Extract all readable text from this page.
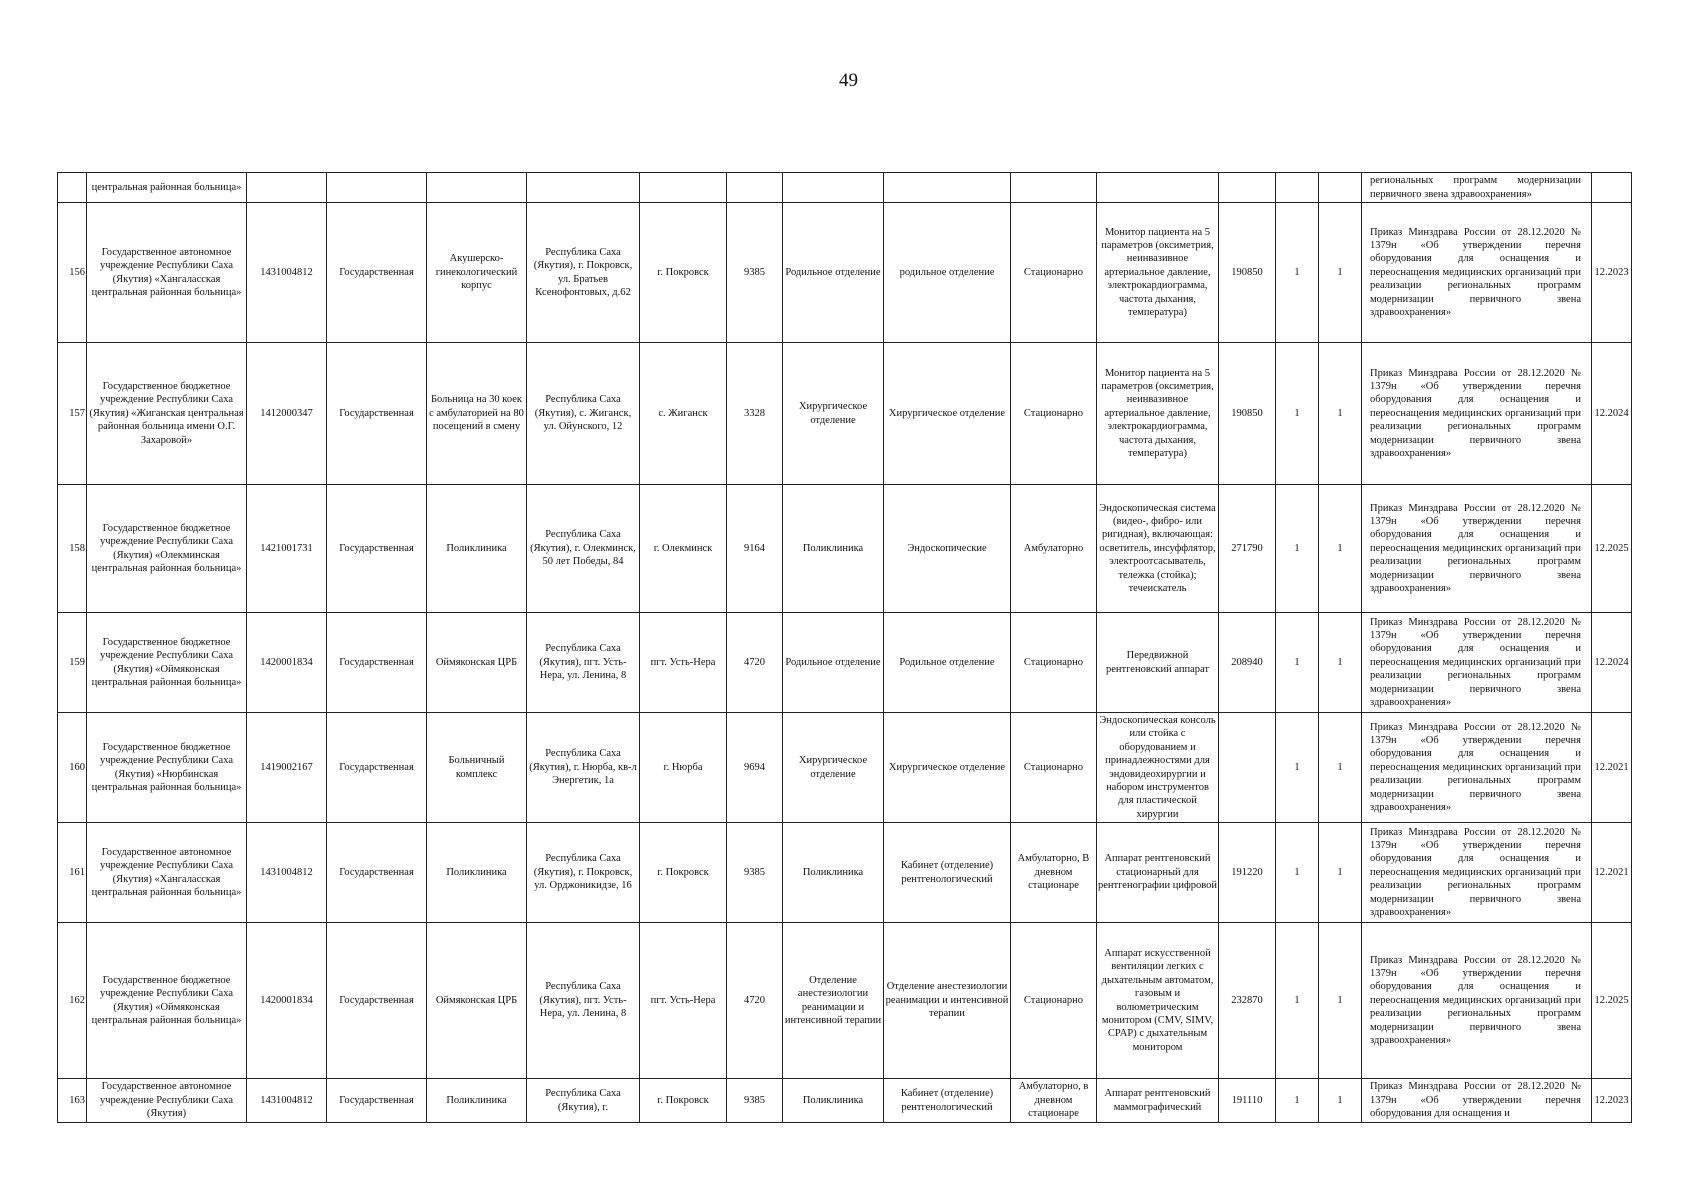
49
	центральная районная больница»														региональных программ модернизации первичного звена здравоохранения»	
156	Государственное автономное учреждение Республики Саха (Якутия) «Хангаласская центральная районная больница»	1431004812	Государственная	Акушерско-гинекологический корпус	Республика Саха (Якутия), г. Покровск, ул. Братьев Ксенофонтовых, д.62	г. Покровск	9385	Родильное отделение	родильное отделение	Стационарно	Монитор пациента на 5 параметров (оксиметрия, неинвазивное артериальное давление, электрокардиограмма, частота дыхания, температура)	190850	1	1	Приказ Минздрава России от 28.12.2020 № 1379н «Об утверждении перечня оборудования для оснащения и переоснащения медицинских организаций при реализации региональных программ модернизации первичного звена здравоохранения»	12.2023
157	Государственное бюджетное учреждение Республики Саха (Якутия) «Жиганская центральная районная больница имени О.Г. Захаровой»	1412000347	Государственная	Больница на 30 коек с амбулаторией на 80 посещений в смену	Республика Саха (Якутия), с. Жиганск, ул. Ойунского, 12	с. Жиганск	3328	Хирургическое отделение	Хирургическое отделение	Стационарно	Монитор пациента на 5 параметров (оксиметрия, неинвазивное артериальное давление, электрокардиограмма, частота дыхания, температура)	190850	1	1	Приказ Минздрава России от 28.12.2020 № 1379н «Об утверждении перечня оборудования для оснащения и переоснащения медицинских организаций при реализации региональных программ модернизации первичного звена здравоохранения»	12.2024
158	Государственное бюджетное учреждение Республики Саха (Якутия) «Олекминская центральная районная больница»	1421001731	Государственная	Поликлиника	Республика Саха (Якутия), г. Олекминск, 50 лет Победы, 84	г. Олекминск	9164	Поликлиника	Эндоскопические	Амбулаторно	Эндоскопическая система (видео-, фибро- или ригидная), включающая: осветитель, инсуффлятор, электроотсасыватель, тележка (стойка); течеискатель	271790	1	1	Приказ Минздрава России от 28.12.2020 № 1379н «Об утверждении перечня оборудования для оснащения и переоснащения медицинских организаций при реализации региональных программ модернизации первичного звена здравоохранения»	12.2025
159	Государственное бюджетное учреждение Республики Саха (Якутия) «Оймяконская центральная районная больница»	1420001834	Государственная	Оймяконская ЦРБ	Республика Саха (Якутия), пгт. Усть-Нера, ул. Ленина, 8	пгт. Усть-Нера	4720	Родильное отделение	Родильное отделение	Стационарно	Передвижной рентгеновский аппарат	208940	1	1	Приказ Минздрава России от 28.12.2020 № 1379н «Об утверждении перечня оборудования для оснащения и переоснащения медицинских организаций при реализации региональных программ модернизации первичного звена здравоохранения»	12.2024
160	Государственное бюджетное учреждение Республики Саха (Якутия) «Нюрбинская центральная районная больница»	1419002167	Государственная	Больничный комплекс	Республика Саха (Якутия), г. Нюрба, кв-л Энергетик, 1а	г. Нюрба	9694	Хирургическое отделение	Хирургическое отделение	Стационарно	Эндоскопическая консоль или стойка с оборудованием и принадлежностями для эндовидеохирургии и набором инструментов для пластической хирургии		1	1	Приказ Минздрава России от 28.12.2020 № 1379н «Об утверждении перечня оборудования для оснащения и переоснащения медицинских организаций при реализации региональных программ модернизации первичного звена здравоохранения»	12.2021
161	Государственное автономное учреждение Республики Саха (Якутия) «Хангаласская центральная районная больница»	1431004812	Государственная	Поликлиника	Республика Саха (Якутия), г. Покровск, ул. Орджоникидзе, 16	г. Покровск	9385	Поликлиника	Кабинет (отделение) рентгенологический	Амбулаторно, В дневном стационаре	Аппарат рентгеновский стационарный для рентгенографии цифровой	191220	1	1	Приказ Минздрава России от 28.12.2020 № 1379н «Об утверждении перечня оборудования для оснащения и переоснащения медицинских организаций при реализации региональных программ модернизации первичного звена здравоохранения»	12.2021
162	Государственное бюджетное учреждение Республики Саха (Якутия) «Оймяконская центральная районная больница»	1420001834	Государственная	Оймяконская ЦРБ	Республика Саха (Якутия), пгт. Усть-Нера, ул. Ленина, 8	пгт. Усть-Нера	4720	Отделение анестезиологии реанимации и интенсивной терапии	Отделение анестезиологии реанимации и интенсивной терапии	Стационарно	Аппарат искусственной вентиляции легких с дыхательным автоматом, газовым и волюметрическим монитором (CMV, SIMV, CPAP) с дыхательным монитором	232870	1	1	Приказ Минздрава России от 28.12.2020 № 1379н «Об утверждении перечня оборудования для оснащения и переоснащения медицинских организаций при реализации региональных программ модернизации первичного звена здравоохранения»	12.2025
163	Государственное автономное учреждение Республики Саха (Якутия)	1431004812	Государственная	Поликлиника	Республика Саха (Якутия), г.	г. Покровск	9385	Поликлиника	Кабинет (отделение) рентгенологический	Амбулаторно, в дневном стационаре	Аппарат рентгеновский маммографический	191110	1	1	Приказ Минздрава России от 28.12.2020 № 1379н «Об утверждении перечня оборудования для оснащения и	12.2023
